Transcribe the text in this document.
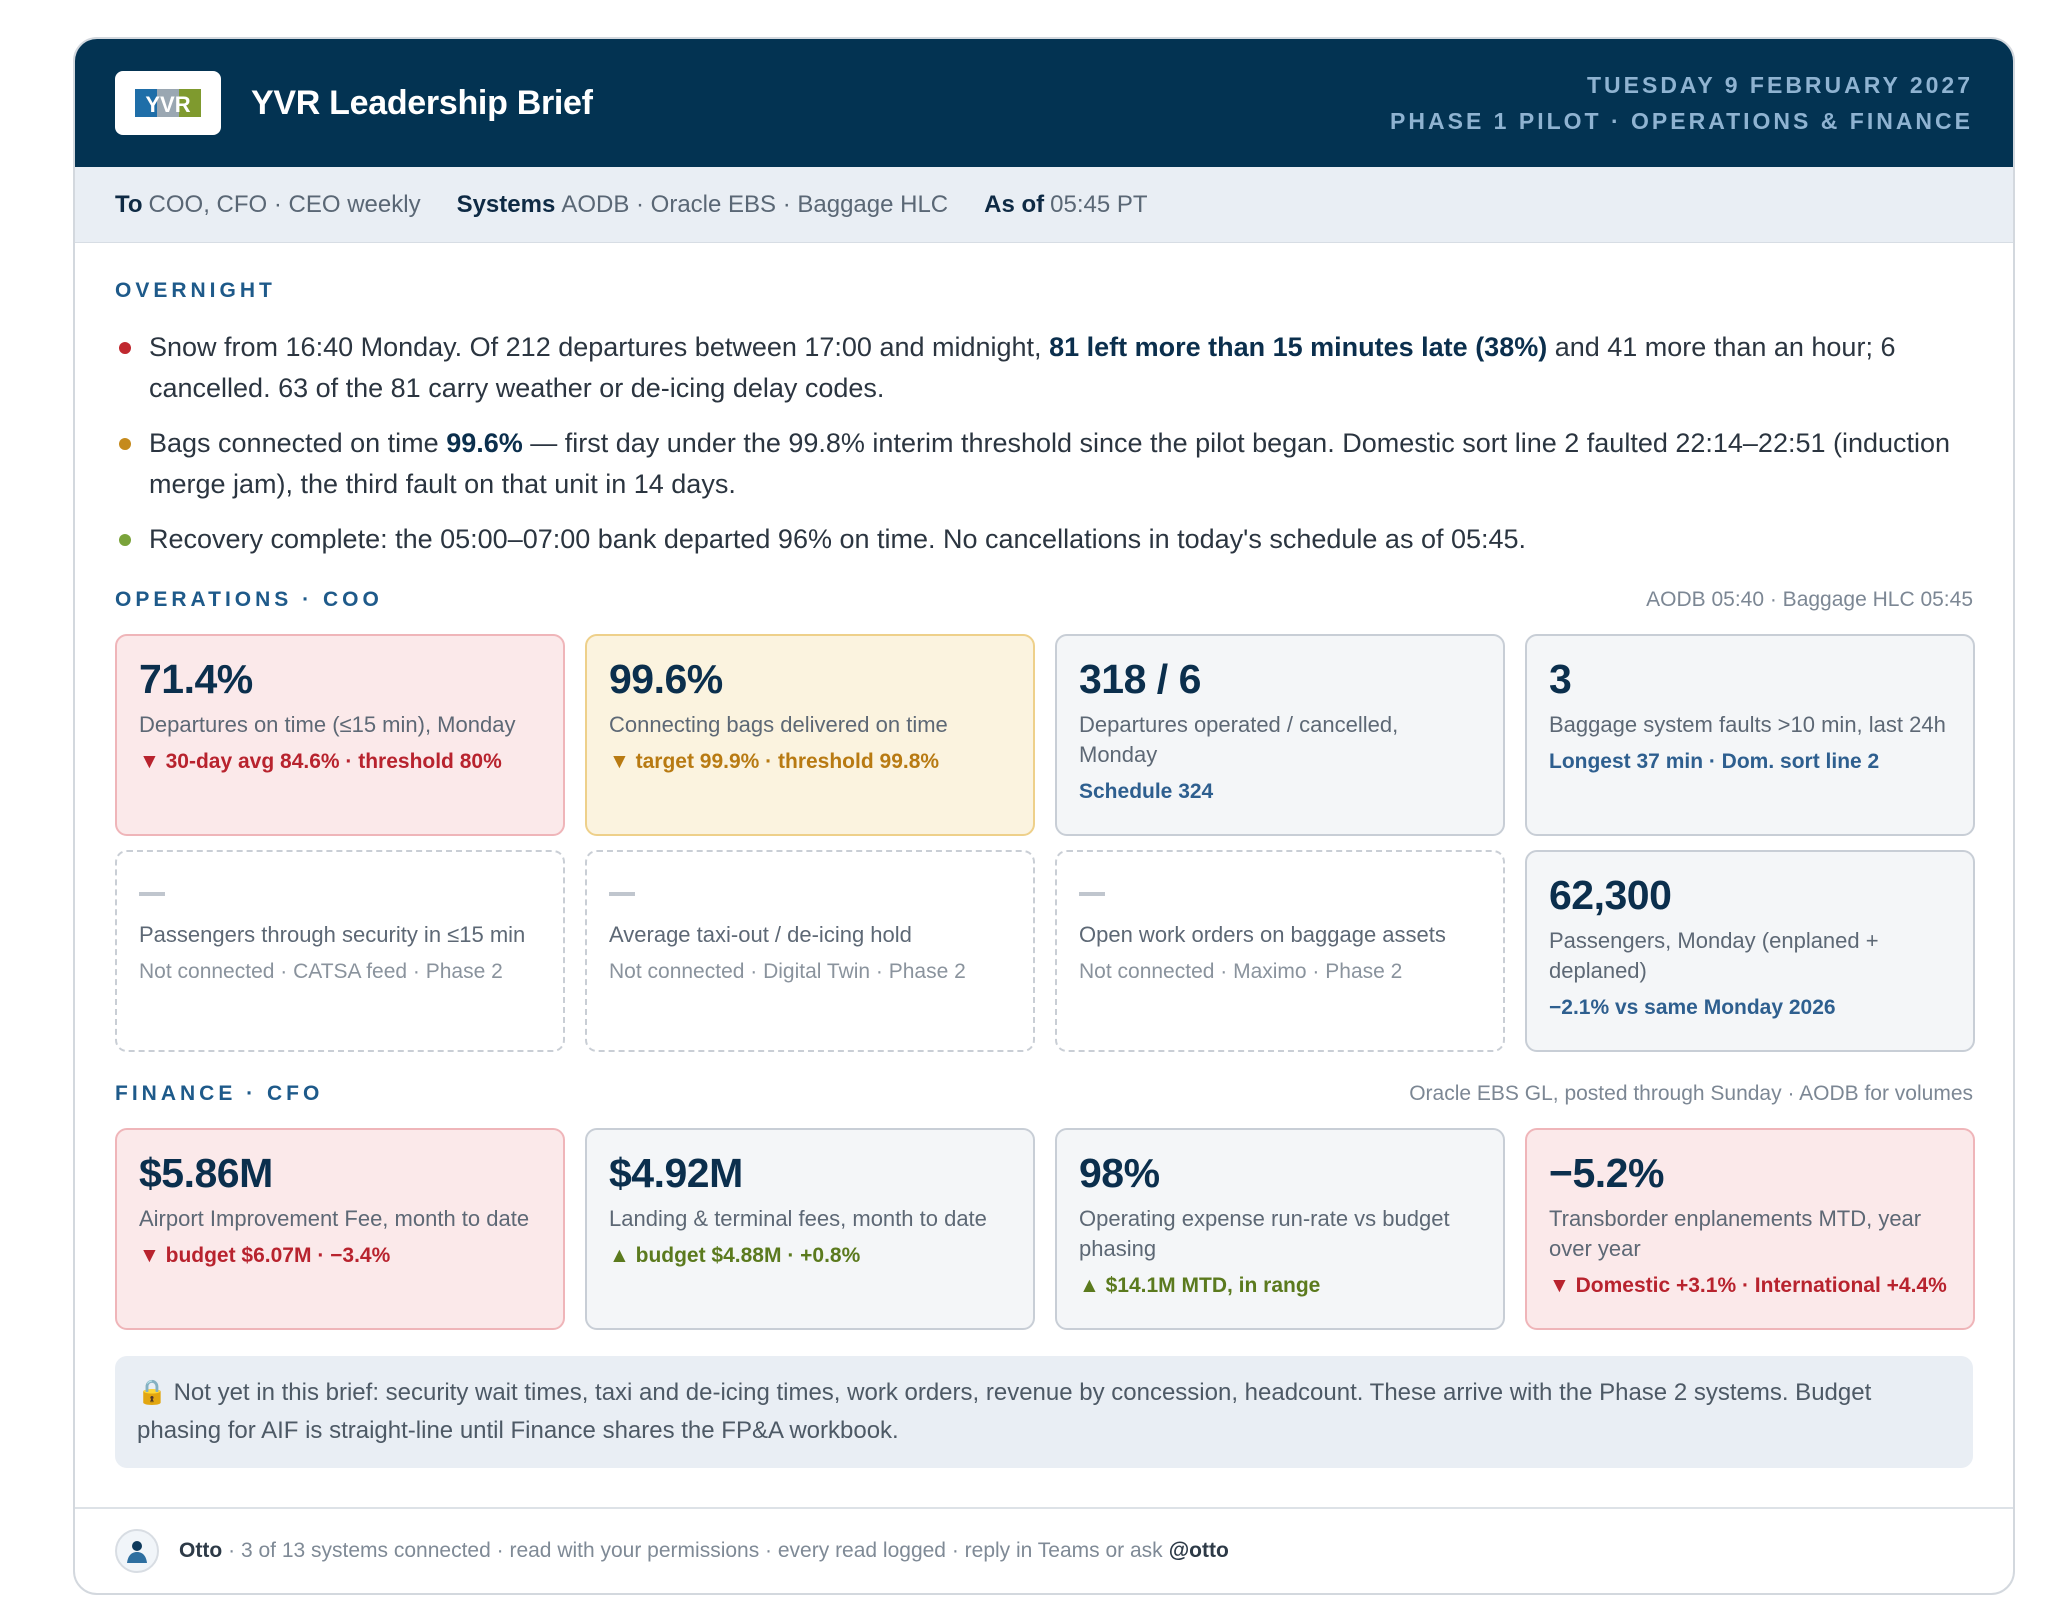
YVR YVR Leadership Brief	TUESDAY 9 FEBRUARY 2027
PHASE 1 PILOT · OPERATIONS & FINANCE
To COO, CFO · CEO weekly Systems AODB · Oracle EBS · Baggage HLC As of 05:45 PT
OVERNIGHT
Snow from 16:40 Monday. Of 212 departures between 17:00 and midnight, 81 left more than 15 minutes late (38%) and 41 more than an hour; 6 cancelled. 63 of the 81 carry weather or de-icing delay codes.
Bags connected on time 99.6% — first day under the 99.8% interim threshold since the pilot began. Domestic sort line 2 faulted 22:14–22:51 (induction merge jam), the third fault on that unit in 14 days.
Recovery complete: the 05:00–07:00 bank departed 96% on time. No cancellations in today's schedule as of 05:45.
OPERATIONS · COO	AODB 05:40 · Baggage HLC 05:45
71.4%
Departures on time (≤15 min), Monday
▼ 30-day avg 84.6% · threshold 80%
99.6%
Connecting bags delivered on time
▼ target 99.9% · threshold 99.8%
318 / 6
Departures operated / cancelled, Monday
Schedule 324
3
Baggage system faults >10 min, last 24h
Longest 37 min · Dom. sort line 2
Passengers through security in ≤15 min
Not connected · CATSA feed · Phase 2
Average taxi-out / de-icing hold
Not connected · Digital Twin · Phase 2
Open work orders on baggage assets
Not connected · Maximo · Phase 2
62,300
Passengers, Monday (enplaned + deplaned)
−2.1% vs same Monday 2026
FINANCE · CFO	Oracle EBS GL, posted through Sunday · AODB for volumes
$5.86M
Airport Improvement Fee, month to date
▼ budget $6.07M · −3.4%
$4.92M
Landing & terminal fees, month to date
▲ budget $4.88M · +0.8%
98%
Operating expense run-rate vs budget phasing
▲ $14.1M MTD, in range
−5.2%
Transborder enplanements MTD, year over year
▼ Domestic +3.1% · International +4.4%
🔒 Not yet in this brief: security wait times, taxi and de-icing times, work orders, revenue by concession, headcount. These arrive with the Phase 2 systems. Budget phasing for AIF is straight-line until Finance shares the FP&A workbook.
Otto · 3 of 13 systems connected · read with your permissions · every read logged · reply in Teams or ask @otto
